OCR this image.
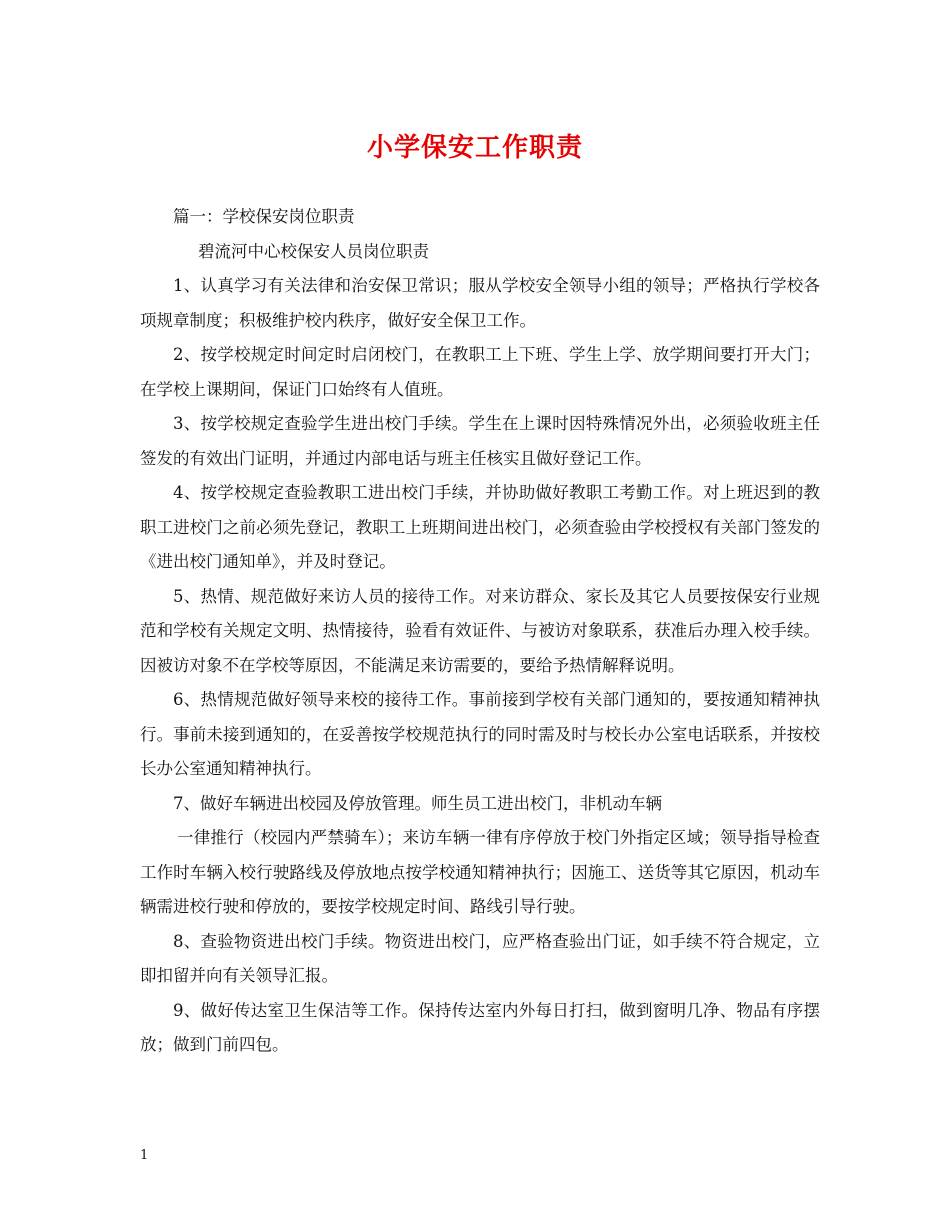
小学保安工作职责

篇一：学校保安岗位职责

碧流河中心校保安人员岗位职责

1、认真学习有关法律和治安保卫常识；服从学校安全领导小组的领导；严格执行学校各项规章制度；积极维护校内秩序，做好安全保卫工作。

2、按学校规定时间定时启闭校门，在教职工上下班、学生上学、放学期间要打开大门；在学校上课期间，保证门口始终有人值班。

3、按学校规定查验学生进出校门手续。学生在上课时因特殊情况外出，必须验收班主任签发的有效出门证明，并通过内部电话与班主任核实且做好登记工作。

4、按学校规定查验教职工进出校门手续，并协助做好教职工考勤工作。对上班迟到的教职工进校门之前必须先登记，教职工上班期间进出校门，必须查验由学校授权有关部门签发的《进出校门通知单》，并及时登记。

5、热情、规范做好来访人员的接待工作。对来访群众、家长及其它人员要按保安行业规范和学校有关规定文明、热情接待，验看有效证件、与被访对象联系，获准后办理入校手续。因被访对象不在学校等原因，不能满足来访需要的，要给予热情解释说明。

6、热情规范做好领导来校的接待工作。事前接到学校有关部门通知的，要按通知精神执行。事前未接到通知的，在妥善按学校规范执行的同时需及时与校长办公室电话联系，并按校长办公室通知精神执行。

7、做好车辆进出校园及停放管理。师生员工进出校门，非机动车辆

一律推行（校园内严禁骑车）；来访车辆一律有序停放于校门外指定区域；领导指导检查工作时车辆入校行驶路线及停放地点按学校通知精神执行；因施工、送货等其它原因，机动车辆需进校行驶和停放的，要按学校规定时间、路线引导行驶。

8、查验物资进出校门手续。物资进出校门，应严格查验出门证，如手续不符合规定，立即扣留并向有关领导汇报。

9、做好传达室卫生保洁等工作。保持传达室内外每日打扫，做到窗明几净、物品有序摆放；做到门前四包。

1
